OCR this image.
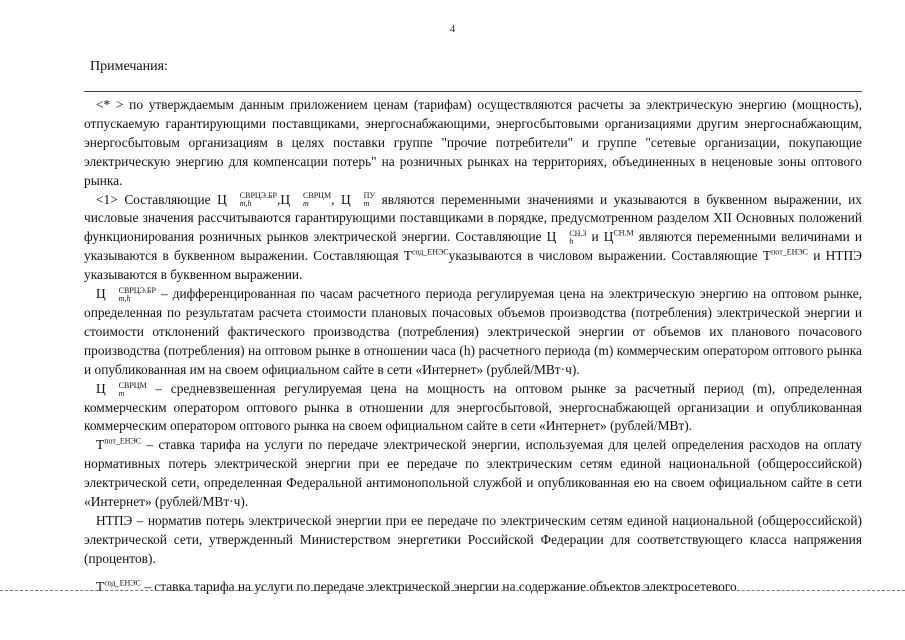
4
Примечания:

<* > по утверждаемым данным приложением ценам (тарифам) осуществляются расчеты за электрическую энергию (мощность), отпускаемую гарантирующими поставщиками, энергоснабжающими, энергосбытовыми организациями другим энергоснабжающим, энергосбытовым организациям в целях поставки группе "прочие потребители" и группе "сетевые организации, покупающие электрическую энергию для компенсации потерь" на розничных рынках на территориях, объединенных в неценовые зоны оптового рынка.

<1> Составляющие Ц	СВРЦЭ.БР
m,h	,Ц	СВРЦМ
m	, Ц	ПУ
m являются переменными значениями и указываются в буквенном выражении, их числовые значения рассчитываются гарантирующими поставщиками в порядке, предусмотренном разделом XII Основных положений функционирования розничных рынков электрической энергии. Составляющие Ц	СН.3
h	и $Ц^{СН.М}$ являются переменными величинами и указываются в буквенном выражении. Составляющая $Т^{сод\_ЕНЭС}указываются$ в числовом выражении. Составляющие $Т^{пот\_ЕНЭС}$ и НТПЭ указываются в буквенном выражении.

Ц	СВРЦЭ.БР
m,h	– дифференцированная по часам расчетного периода регулируемая цена на электрическую энергию на оптовом рынке, определенная по результатам расчета стоимости плановых почасовых объемов производства (потребления) электрической энергии и стоимости отклонений фактического производства (потребления) электрической энергии от объемов их планового почасового производства (потребления) на оптовом рынке в отношении часа (h) расчетного периода (m) коммерческим оператором оптового рынка и опубликованная им на своем официальном сайте в сети «Интернет» (рублей/МВт·ч).

Ц	СВРЦМ
m	– средневзвешенная регулируемая цена на мощность на оптовом рынке за расчетный период (m), определенная коммерческим оператором оптового рынка в отношении для энергосбытовой, энергоснабжающей организации и опубликованная коммерческим оператором оптового рынка на своем официальном сайте в сети «Интернет» (рублей/МВт).

$Т^{пот\_ЕНЭС}$ – ставка тарифа на услуги по передаче электрической энергии, используемая для целей определения расходов на оплату нормативных потерь электрической энергии при ее передаче по электрическим сетям единой национальной (общероссийской) электрической сети, определенная Федеральной антимонопольной службой и опубликованная ею на своем официальном сайте в сети «Интернет» (рублей/МВт·ч).

НТПЭ – норматив потерь электрической энергии при ее передаче по электрическим сетям единой национальной (общероссийской) электрической сети, утвержденный Министерством энергетики Российской Федерации для соответствующего класса напряжения (процентов).

$Т^{сод\_ЕНЭС}$ – ставка тарифа на услуги по передаче электрической энергии на содержание объектов электросетевого
